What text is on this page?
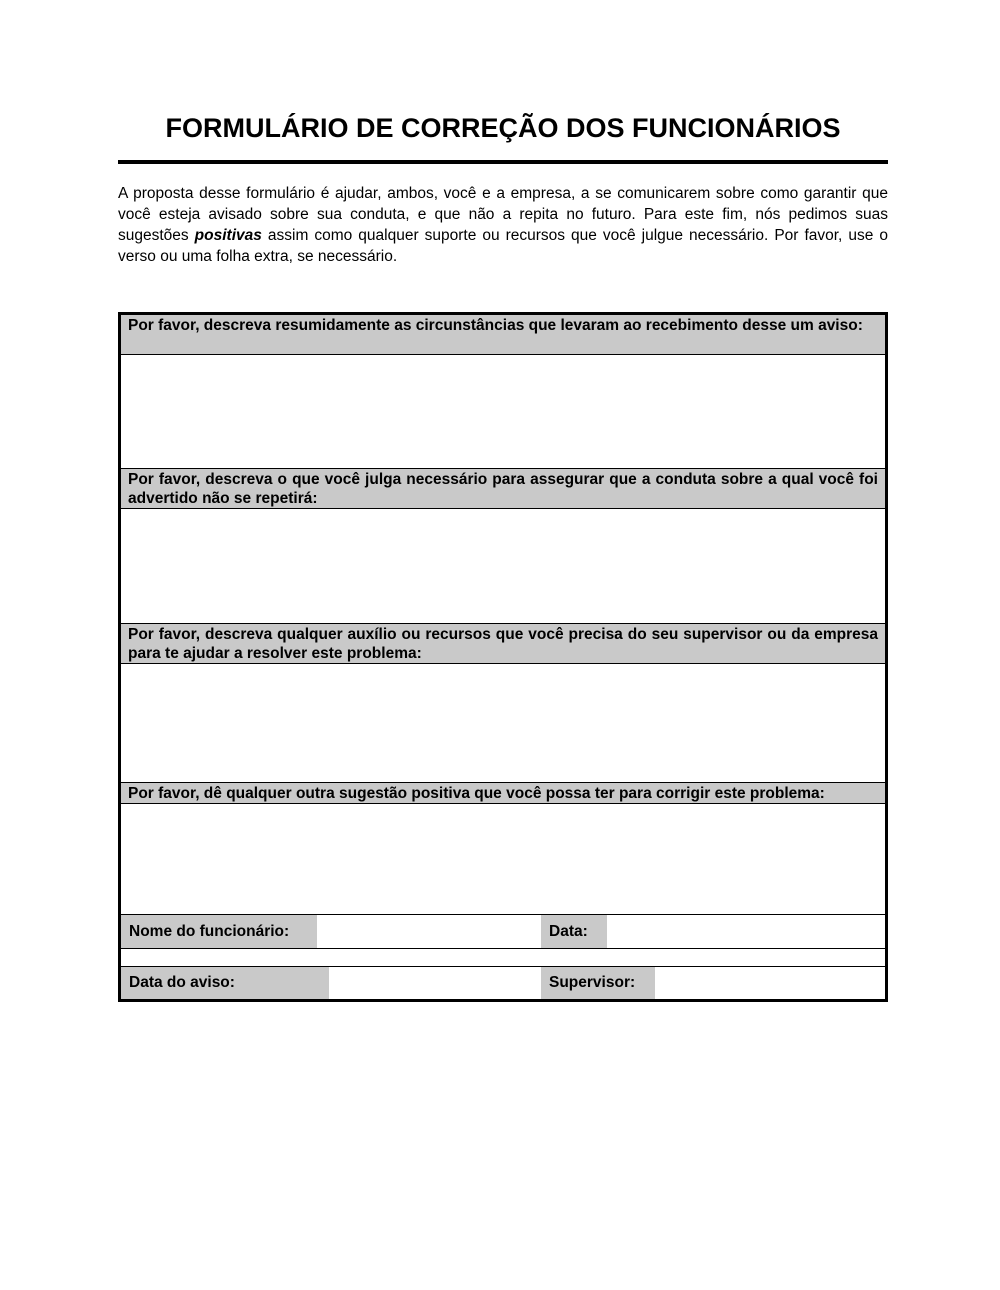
FORMULÁRIO DE CORREÇÃO DOS FUNCIONÁRIOS

A proposta desse formulário é ajudar, ambos, você e a empresa, a se comunicarem sobre como garantir que você esteja avisado sobre sua conduta, e que não a repita no futuro. Para este fim, nós pedimos suas sugestões positivas assim como qualquer suporte ou recursos que você julgue necessário. Por favor, use o verso ou uma folha extra, se necessário.

Por favor, descreva resumidamente as circunstâncias que levaram ao recebimento desse um aviso:
Por favor, descreva o que você julga necessário para assegurar que a conduta sobre a qual você foi advertido não se repetirá:
Por favor, descreva qualquer auxílio ou recursos que você precisa do seu supervisor ou da empresa para te ajudar a resolver este problema:
Por favor, dê qualquer outra sugestão positiva que você possa ter para corrigir este problema:
Nome do funcionário:	Data:
Data do aviso:	Supervisor:
